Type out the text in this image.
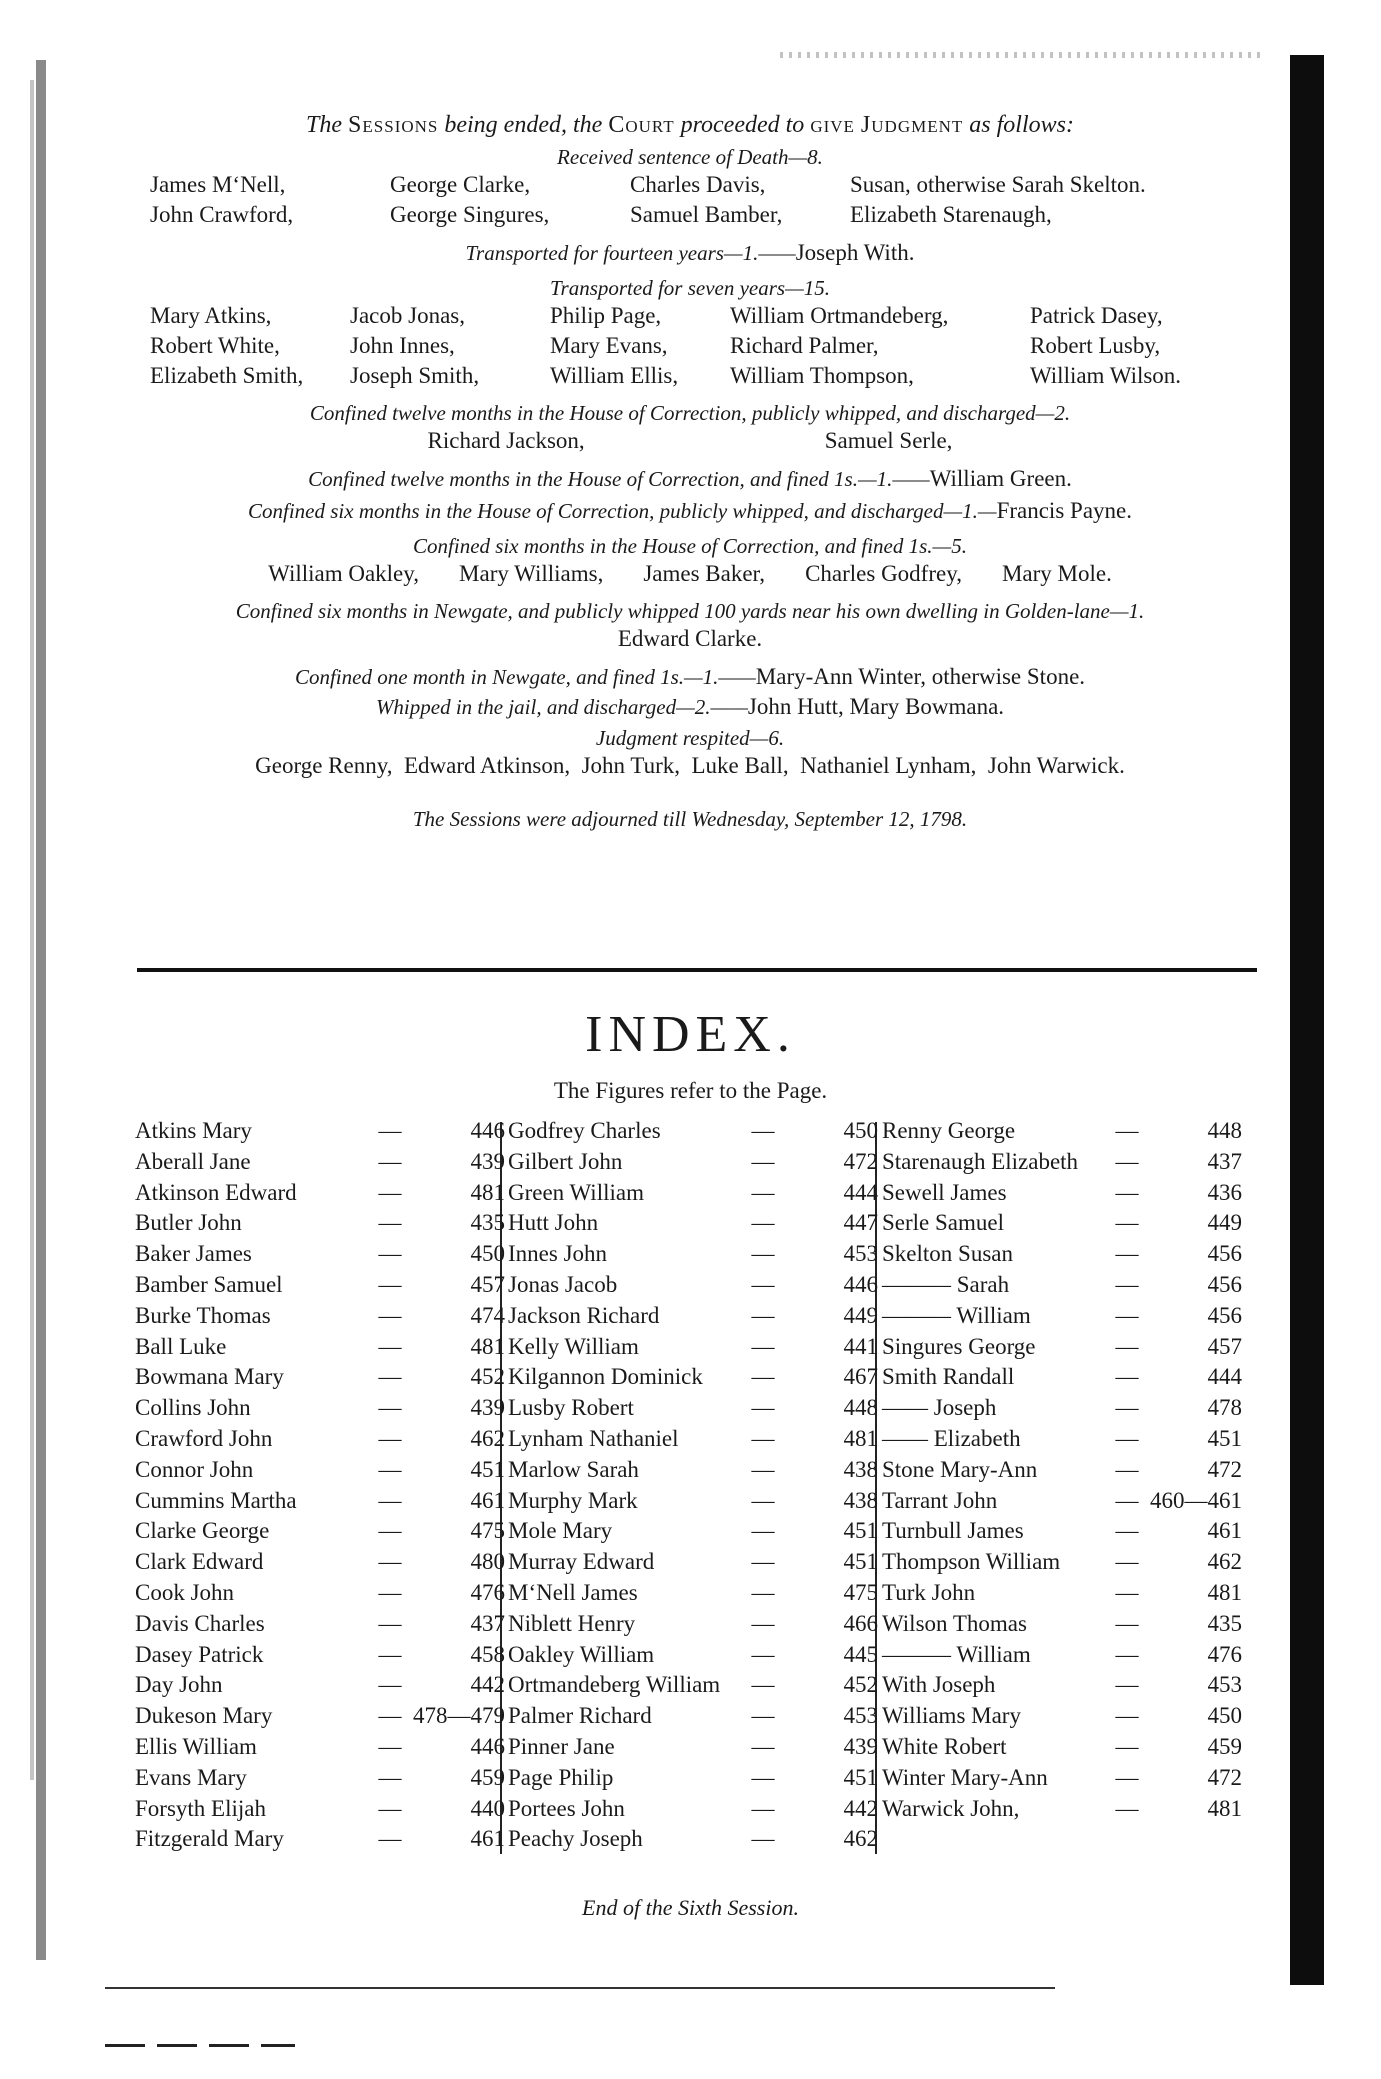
The Sessions being ended, the Court proceeded to give Judgment as follows:
Received sentence of Death—8.
James M‘Nell,	George Clarke,	Charles Davis,	Susan, otherwise Sarah Skelton.
John Crawford,	George Singures,	Samuel Bamber,	Elizabeth Starenaugh,
Transported for fourteen years—1.——Joseph With.
Transported for seven years—15.
Mary Atkins,	Jacob Jonas,	Philip Page,	William Ortmandeberg,	Patrick Dasey,
Robert White,	John Innes,	Mary Evans,	Richard Palmer,	Robert Lusby,
Elizabeth Smith,	Joseph Smith,	William Ellis,	William Thompson,	William Wilson.
Confined twelve months in the House of Correction, publicly whipped, and discharged—2.
Richard Jackson,	Samuel Serle,
Confined twelve months in the House of Correction, and fined 1s.—1.——William Green.
Confined six months in the House of Correction, publicly whipped, and discharged—1.—Francis Payne.
Confined six months in the House of Correction, and fined 1s.—5.
William Oakley, Mary Williams, James Baker, Charles Godfrey, Mary Mole.
Confined six months in Newgate, and publicly whipped 100 yards near his own dwelling in Golden-lane—1.
Edward Clarke.
Confined one month in Newgate, and fined 1s.—1.——Mary-Ann Winter, otherwise Stone.
Whipped in the jail, and discharged—2.——John Hutt, Mary Bowmana.
Judgment respited—6.
George Renny,  Edward Atkinson,  John Turk,  Luke Ball,  Nathaniel Lynham,  John Warwick.
The Sessions were adjourned till Wednesday, September 12, 1798.
INDEX.
The Figures refer to the Page.
Atkins Mary	—	446
Aberall Jane	—	439
Atkinson Edward	—	481
Butler John	—	435
Baker James	—	450
Bamber Samuel	—	457
Burke Thomas	—	474
Ball Luke	—	481
Bowmana Mary	—	452
Collins John	—	439
Crawford John	—	462
Connor John	—	451
Cummins Martha	—	461
Clarke George	—	475
Clark Edward	—	480
Cook John	—	476
Davis Charles	—	437
Dasey Patrick	—	458
Day John	—	442
Dukeson Mary	— 478—479
Ellis William	—	446
Evans Mary	—	459
Forsyth Elijah	—	440
Fitzgerald Mary	—	461
Godfrey Charles	—	450
Gilbert John	—	472
Green William	—	444
Hutt John	—	447
Innes John	—	453
Jonas Jacob	—	446
Jackson Richard	—	449
Kelly William	—	441
Kilgannon Dominick	—	467
Lusby Robert	—	448
Lynham Nathaniel	—	481
Marlow Sarah	—	438
Murphy Mark	—	438
Mole Mary	—	451
Murray Edward	—	451
M‘Nell James	—	475
Niblett Henry	—	466
Oakley William	—	445
Ortmandeberg William	—	452
Palmer Richard	—	453
Pinner Jane	—	439
Page Philip	—	451
Portees John	—	442
Peachy Joseph	—	462
Renny George	—	448
Starenaugh Elizabeth	—	437
Sewell James	—	436
Serle Samuel	—	449
Skelton Susan	—	456
——— Sarah	—	456
——— William	—	456
Singures George	—	457
Smith Randall	—	444
—— Joseph	—	478
—— Elizabeth	—	451
Stone Mary-Ann	—	472
Tarrant John	— 460—461
Turnbull James	—	461
Thompson William	—	462
Turk John	—	481
Wilson Thomas	—	435
——— William	—	476
With Joseph	—	453
Williams Mary	—	450
White Robert	—	459
Winter Mary-Ann	—	472
Warwick John,	—	481
End of the Sixth Session.
